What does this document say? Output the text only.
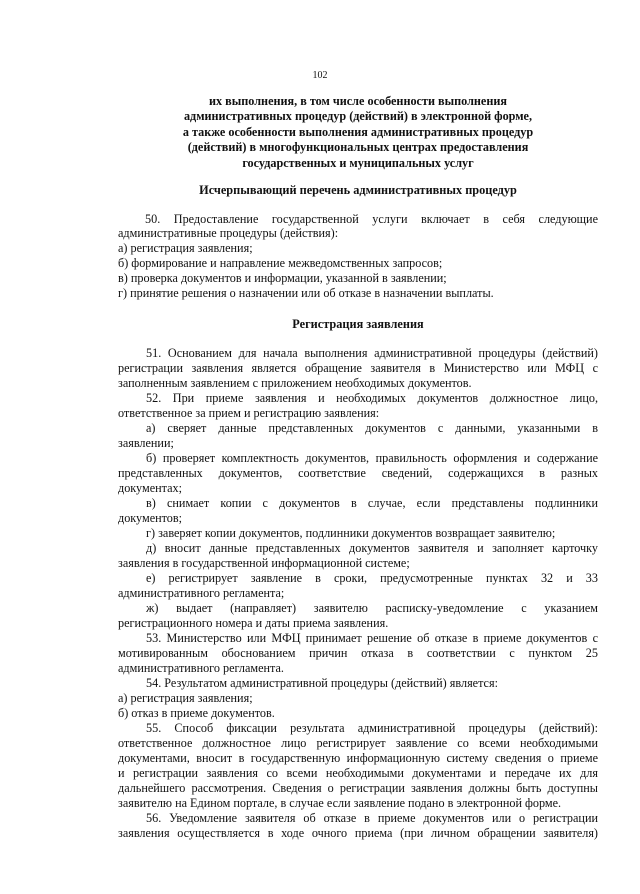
102
их выполнения, в том числе особенности выполнения
административных процедур (действий) в электронной форме,
а также особенности выполнения административных процедур
(действий) в многофункциональных центрах предоставления
государственных и муниципальных услуг
Исчерпывающий перечень административных процедур
50. Предоставление государственной услуги включает в себя следующие
административные процедуры (действия):
а) регистрация заявления;
б) формирование и направление межведомственных запросов;
в) проверка документов и информации, указанной в заявлении;
г) принятие решения о назначении или об отказе в назначении выплаты.
Регистрация заявления
51. Основанием для начала выполнения административной процедуры (действий)
регистрации заявления является обращение заявителя в Министерство или МФЦ с
заполненным заявлением с приложением необходимых документов.
52. При приеме заявления и необходимых документов должностное лицо,
ответственное за прием и регистрацию заявления:
а) сверяет данные представленных документов с данными, указанными в
заявлении;
б) проверяет комплектность документов, правильность оформления и содержание
представленных документов, соответствие сведений, содержащихся в разных
документах;
в) снимает копии с документов в случае, если представлены подлинники
документов;
г) заверяет копии документов, подлинники документов возвращает заявителю;
д) вносит данные представленных документов заявителя и заполняет карточку
заявления в государственной информационной системе;
е) регистрирует заявление в сроки, предусмотренные пунктах 32 и 33
административного регламента;
ж) выдает (направляет) заявителю расписку-уведомление с указанием
регистрационного номера и даты приема заявления.
53. Министерство или МФЦ принимает решение об отказе в приеме документов с
мотивированным обоснованием причин отказа в соответствии с пунктом 25
административного регламента.
54. Результатом административной процедуры (действий) является:
а) регистрация заявления;
б) отказ в приеме документов.
55. Способ фиксации результата административной процедуры (действий):
ответственное должностное лицо регистрирует заявление со всеми необходимыми
документами, вносит в государственную информационную систему сведения о приеме
и регистрации заявления со всеми необходимыми документами и передаче их для
дальнейшего рассмотрения. Сведения о регистрации заявления должны быть доступны
заявителю на Едином портале, в случае если заявление подано в электронной форме.
56. Уведомление заявителя об отказе в приеме документов или о регистрации
заявления осуществляется в ходе очного приема (при личном обращении заявителя)
